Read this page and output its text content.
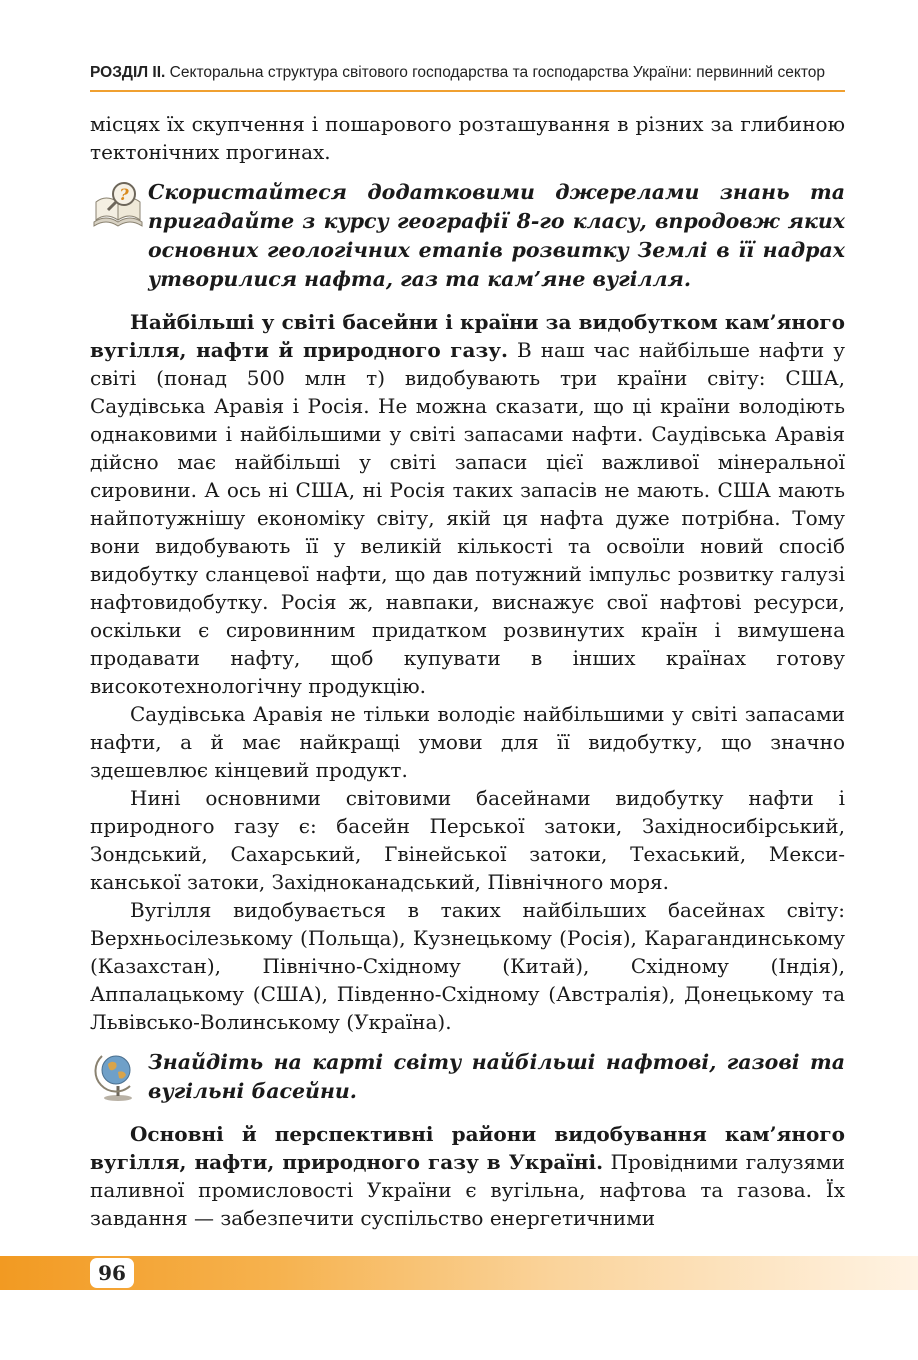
РОЗДІЛ ІІ. Секторальна структура світового господарства та господарства України: первинний сектор

місцях їх скупчення і пошарового розташування в різних за глибиною тектонічних прогинах.

? Скористайтеся додатковими джерелами знань та пригадайте з курсу географії 8-го класу, впродовж яких основних геологічних етапів розвитку Землі в її надрах утворилися нафта, газ та кам’яне вугілля.

Найбільші у світі басейни і країни за видобутком кам’яного вугілля, нафти й природного газу. В наш час найбільше нафти у світі (понад 500 млн т) видобувають три країни світу: США, Саудівська Аравія і Росія. Не можна сказати, що ці країни володіють однаковими і найбільшими у світі запасами нафти. Саудівська Аравія дійсно має найбільші у світі запаси цієї важливої мінеральної сировини. А ось ні США, ні Росія таких запасів не мають. США мають найпотужнішу економіку світу, якій ця нафта дуже потрібна. Тому вони видобувають її у великій кількості та освоїли новий спосіб видобутку сланцевої нафти, що дав потужний імпульс розвитку галузі нафтовидобутку. Росія ж, навпаки, виснажує свої нафтові ресурси, оскільки є сировинним придатком розвинутих країн і вимушена продавати нафту, щоб купувати в інших країнах готову високотехнологічну продукцію.

Саудівська Аравія не тільки володіє найбільшими у світі запасами нафти, а й має найкращі умови для її видобутку, що значно здешевлює кінцевий продукт.

Нині основними світовими басейнами видобутку нафти і природного газу є: басейн Перської затоки, Західносибірський, Зондський, Сахарський, Гвінейської затоки, Техаський, Мексиканської затоки, Західноканадський, Північного моря.

Вугілля видобувається в таких найбільших басейнах світу: Верхньосілезькому (Польща), Кузнецькому (Росія), Карагандинському (Казахстан), Північно-Східному (Китай), Східному (Індія), Аппалацькому (США), Південно-Східному (Австралія), Донецькому та Львівсько-Волинському (Україна).

Знайдіть на карті світу найбільші нафтові, газові та вугільні басейни.

Основні й перспективні райони видобування кам’яного вугілля, нафти, природного газу в Україні. Провідними галузями паливної промисловості України є вугільна, нафтова та газова. Їх завдання — забезпечити суспільство енергетичними

96
